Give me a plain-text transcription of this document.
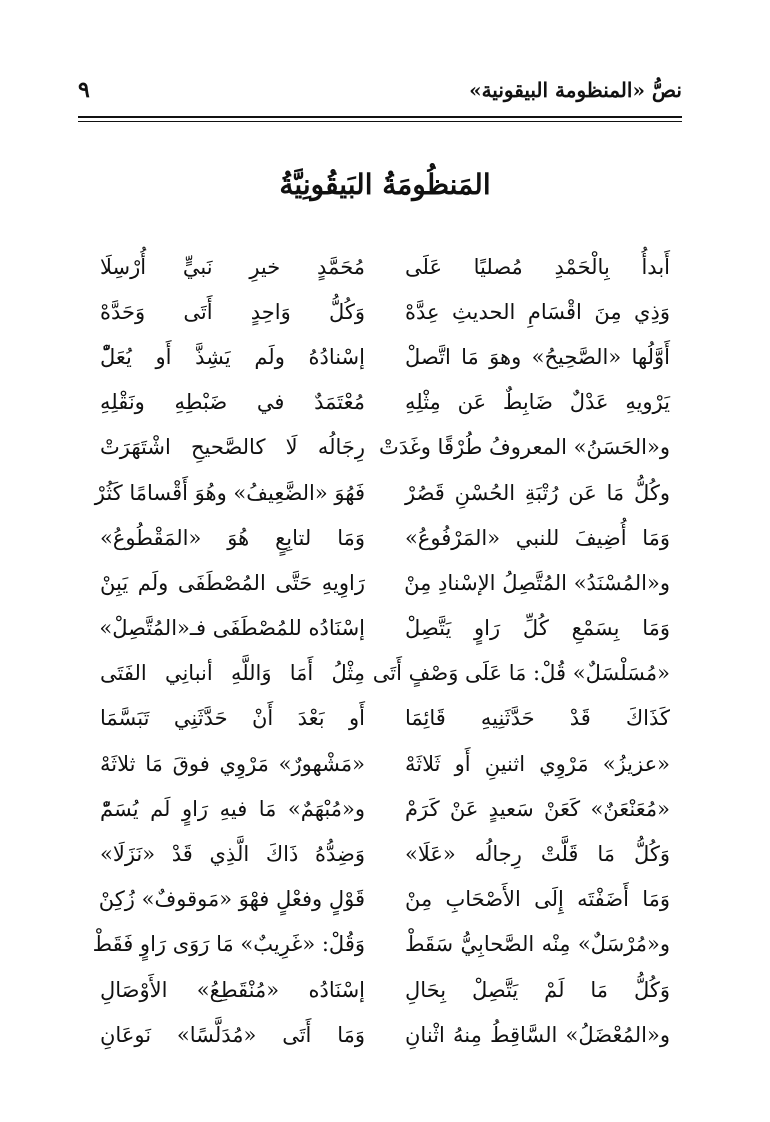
نصُّ «المنظومة البيقونية»
٩
المَنظُومَةُ البَيقُونِيَّةُ
أَبدأُ بِالْحَمْدِ مُصليًا عَلَى
مُحَمَّدٍ خيرِ نَبيٍّ أُرْسِلَا
وَذِي مِنَ اقْسَامِ الحديثِ عِدَّهْ
وَكُلُّ وَاحِدٍ أَتَى وَحَدَّهْ
أَوَّلُها «الصَّحِيحُ» وهوَ مَا اتَّصلْ
إسْنادُهُ ولَم يَشِذَّ أَو يُعَلّْ
يَرْويهِ عَدْلٌ ضَابِطٌ عَن مِثْلِهِ
مُعْتَمَدٌ في ضَبْطِهِ ونَقْلِهِ
و«الحَسَنُ» المعروفُ طُرْقًا وغَدَتْ
رِجَالُه لَا كالصَّحيحِ اشْتَهَرَتْ
وكُلُّ مَا عَن رُتْبَةِ الحُسْنِ قَصُرْ
فَهُوَ «الضَّعِيفُ» وهُوَ أَقْسامًا كَثُرْ
وَمَا أُضِيفَ للنبي «المَرْفُوعُ»
وَمَا لتابِعٍ هُوَ «المَقْطُوعُ»
و«المُسْنَدُ» المُتَّصِلُ الإسْنادِ مِنْ
رَاوِيهِ حَتَّى المُصْطَفَى ولَم يَبِنْ
وَمَا بِسَمْعِ كُلِّ رَاوٍ يَتَّصِلْ
إسْنَادُه للمُصْطَفَى فـ«المُتَّصِلْ»
«مُسَلْسَلٌ» قُلْ: مَا عَلَى وَصْفٍ أَتَى
مِثْلُ أَمَا وَاللَّهِ أنبانِي الفَتَى
كَذَاكَ قَدْ حَدَّثَنِيهِ قَائِمَا
أَو بَعْدَ أَنْ حَدَّثَنِي تَبَسَّمَا
«عزيزُ» مَرْوِي اثنينِ أَو ثَلاثَهْ
«مَشْهورٌ» مَرْوِي فوقَ مَا ثلاثَهْ
«مُعَنْعَنٌ» كَعَنْ سَعيدٍ عَنْ كَرَمْ
و«مُبْهَمٌ» مَا فيهِ رَاوٍ لَم يُسَمّْ
وَكُلُّ مَا قَلَّتْ رِجالُه «عَلَا»
وَضِدُّهُ ذَاكَ الَّذِي قَدْ «نَزَلَا»
وَمَا أَضَفْتَه إِلَى الأَصْحَابِ مِنْ
قَوْلٍ وفعْلٍ فهْوَ «مَوقوفٌ» زُكِنْ
و«مُرْسَلٌ» مِنْه الصَّحابِيُّ سَقَطْ
وَقُلْ: «غَرِيبٌ» مَا رَوَى رَاوٍ فَقَطْ
وَكُلُّ مَا لَمْ يَتَّصِلْ بِحَالِ
إسْنَادُه «مُنْقَطِعُ» الأَوْصَالِ
و«المُعْضَلُ» السَّاقِطُ مِنهُ اثْنانِ
وَمَا أَتَى «مُدَلَّسًا» نَوعَانِ
